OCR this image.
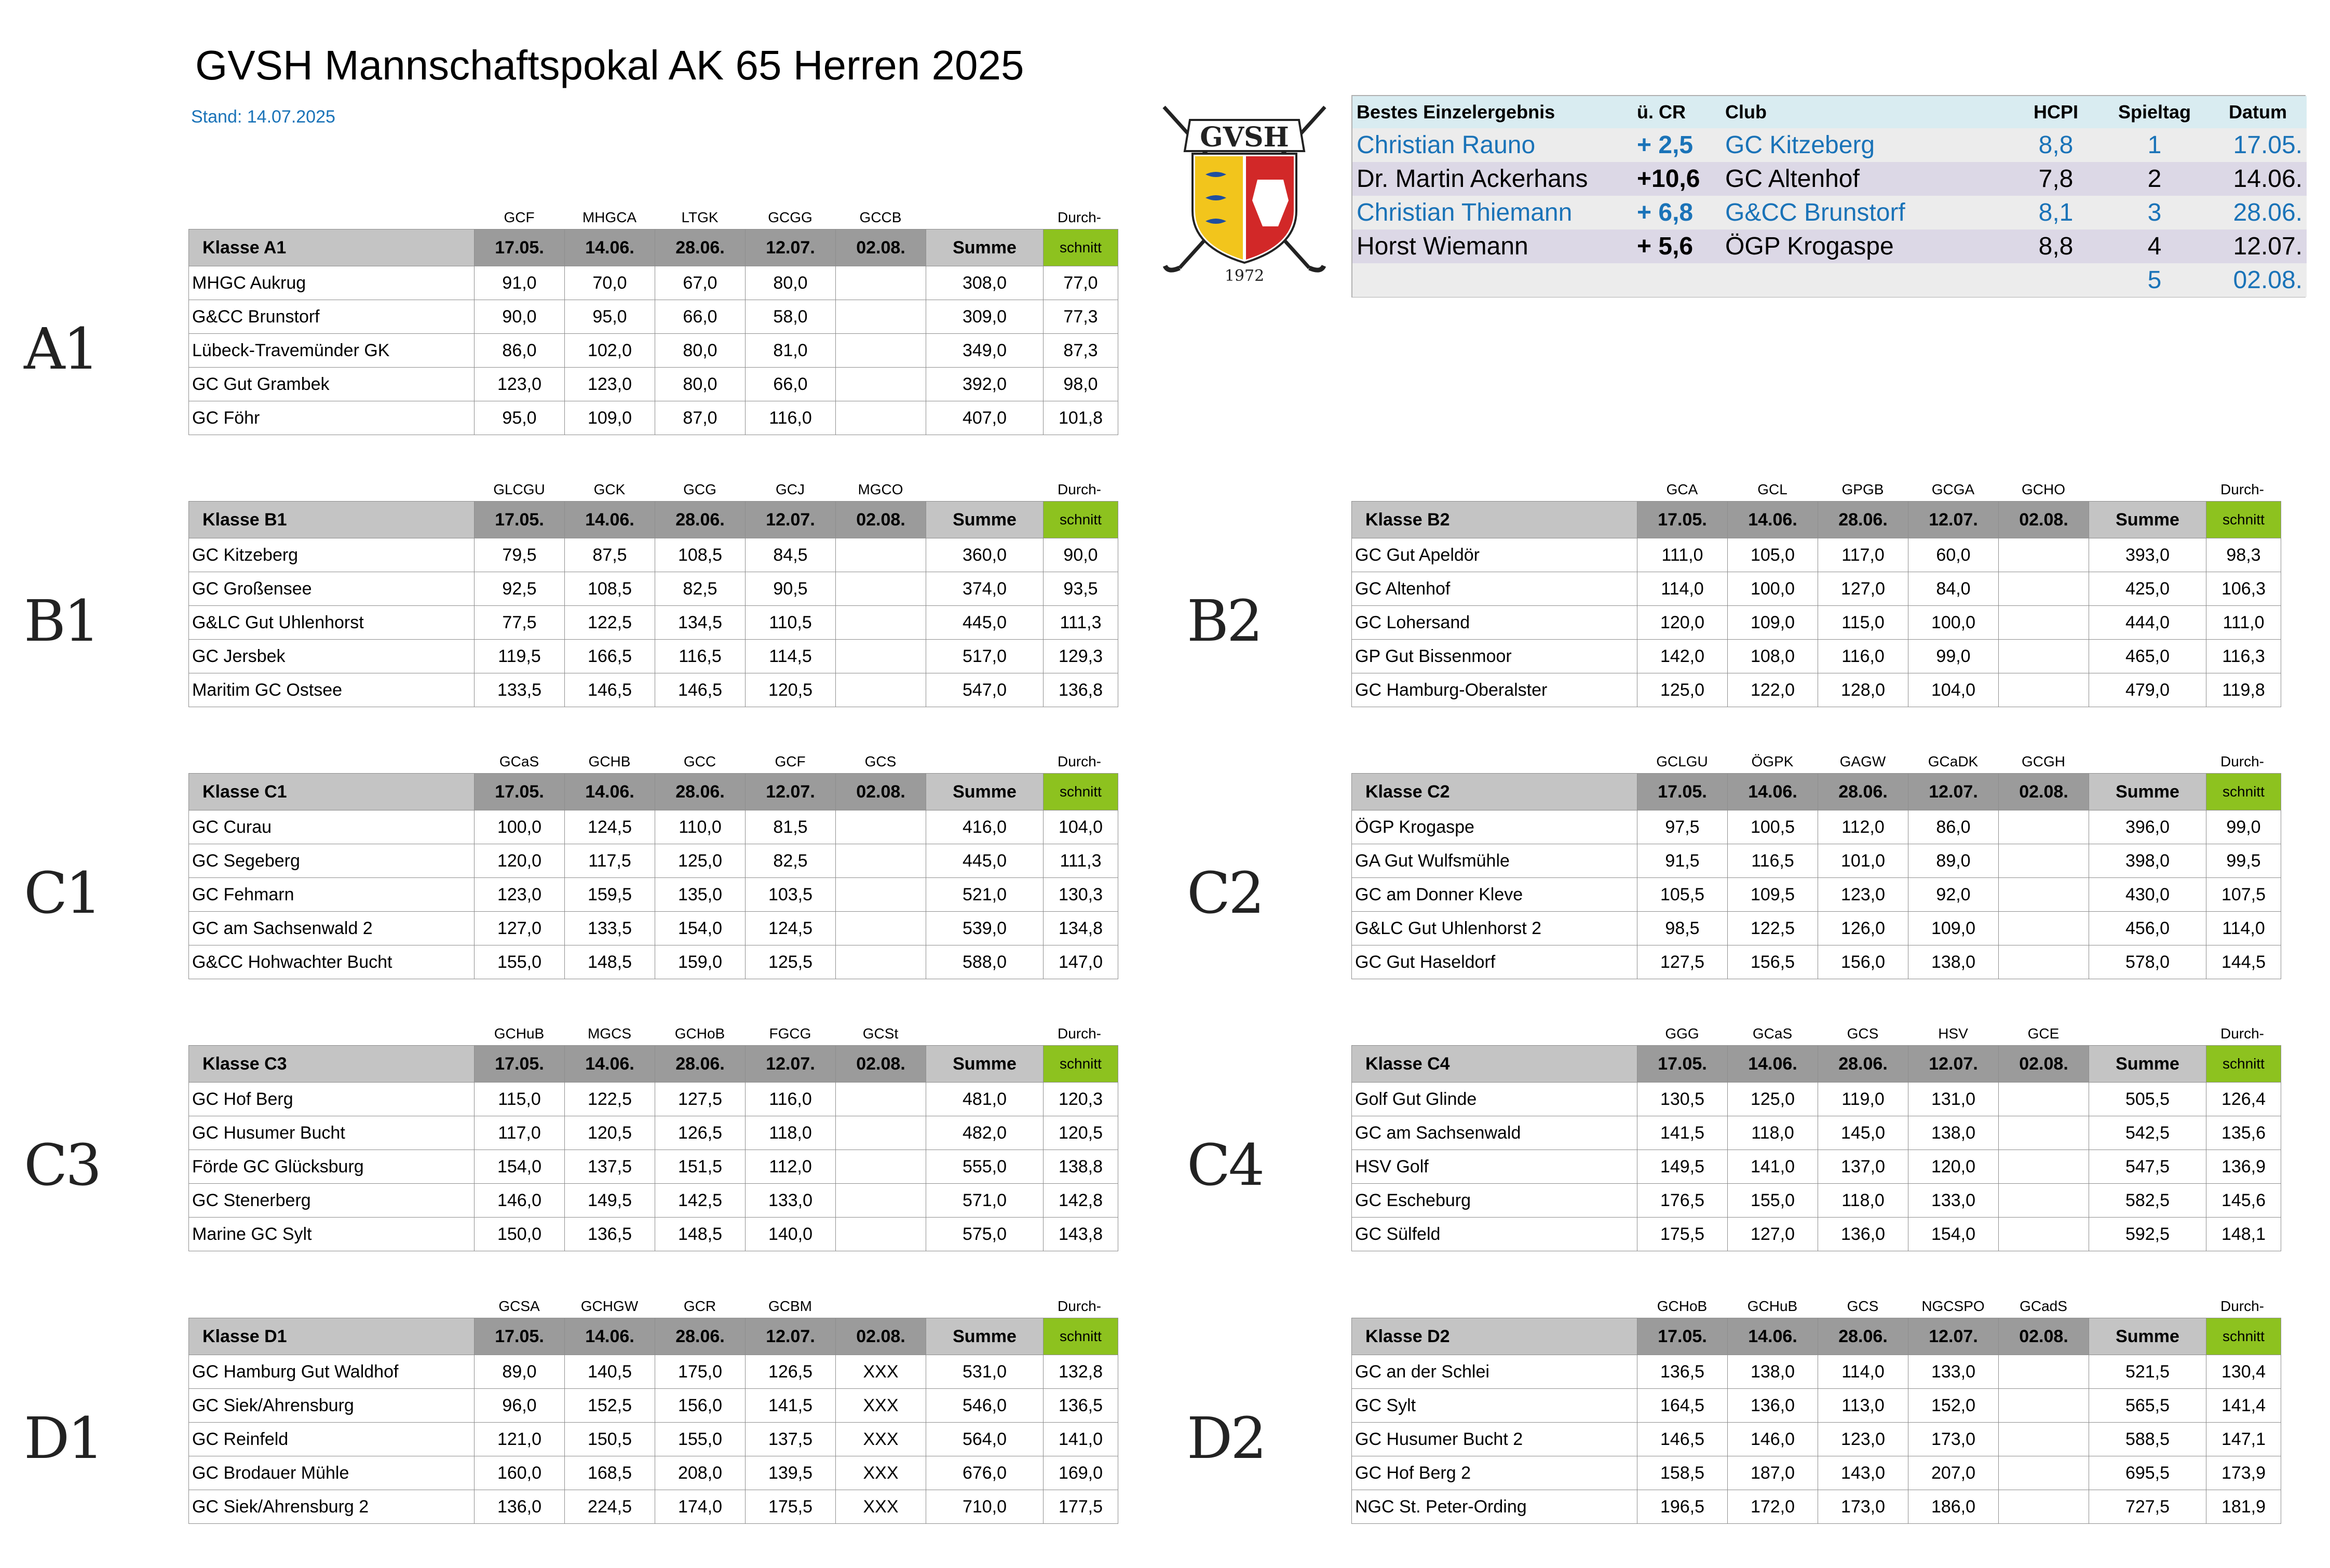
GVSH Mannschaftspokal AK 65 Herren 2025
Stand: 14.07.2025
GVSH
1972
Bestes Einzelergebnis	ü. CR	Club	HCPI	Spieltag	Datum
Christian Rauno	+ 2,5	GC Kitzeberg	8,8	1	17.05.
Dr. Martin Ackerhans	+10,6	GC Altenhof	7,8	2	14.06.
Christian Thiemann	+ 6,8	G&CC Brunstorf	8,1	3	28.06.
Horst Wiemann	+ 5,6	ÖGP Krogaspe	8,8	4	12.07.
				5	02.08.
A1
B1	B2
C1	C2
C3	C4
D1	D2
GCF	MHGCA	LTGK	GCGG	GCCB	Durch-
Klasse A1	17.05.	14.06.	28.06.	12.07.	02.08.	Summe	schnitt
MHGC Aukrug	91,0	70,0	67,0	80,0		308,0	77,0
G&CC Brunstorf	90,0	95,0	66,0	58,0		309,0	77,3
Lübeck-Travemünder GK	86,0	102,0	80,0	81,0		349,0	87,3
GC Gut Grambek	123,0	123,0	80,0	66,0		392,0	98,0
GC Föhr	95,0	109,0	87,0	116,0		407,0	101,8
GLCGU	GCK	GCG	GCJ	MGCO	Durch-
Klasse B1	17.05.	14.06.	28.06.	12.07.	02.08.	Summe	schnitt
GC Kitzeberg	79,5	87,5	108,5	84,5		360,0	90,0
GC Großensee	92,5	108,5	82,5	90,5		374,0	93,5
G&LC Gut Uhlenhorst	77,5	122,5	134,5	110,5		445,0	111,3
GC Jersbek	119,5	166,5	116,5	114,5		517,0	129,3
Maritim GC Ostsee	133,5	146,5	146,5	120,5		547,0	136,8
GCA	GCL	GPGB	GCGA	GCHO	Durch-
Klasse B2	17.05.	14.06.	28.06.	12.07.	02.08.	Summe	schnitt
GC Gut Apeldör	111,0	105,0	117,0	60,0		393,0	98,3
GC Altenhof	114,0	100,0	127,0	84,0		425,0	106,3
GC Lohersand	120,0	109,0	115,0	100,0		444,0	111,0
GP Gut Bissenmoor	142,0	108,0	116,0	99,0		465,0	116,3
GC Hamburg-Oberalster	125,0	122,0	128,0	104,0		479,0	119,8
GCaS	GCHB	GCC	GCF	GCS	Durch-
Klasse C1	17.05.	14.06.	28.06.	12.07.	02.08.	Summe	schnitt
GC Curau	100,0	124,5	110,0	81,5		416,0	104,0
GC Segeberg	120,0	117,5	125,0	82,5		445,0	111,3
GC Fehmarn	123,0	159,5	135,0	103,5		521,0	130,3
GC am Sachsenwald 2	127,0	133,5	154,0	124,5		539,0	134,8
G&CC Hohwachter Bucht	155,0	148,5	159,0	125,5		588,0	147,0
GCLGU	ÖGPK	GAGW	GCaDK	GCGH	Durch-
Klasse C2	17.05.	14.06.	28.06.	12.07.	02.08.	Summe	schnitt
ÖGP Krogaspe	97,5	100,5	112,0	86,0		396,0	99,0
GA Gut Wulfsmühle	91,5	116,5	101,0	89,0		398,0	99,5
GC am Donner Kleve	105,5	109,5	123,0	92,0		430,0	107,5
G&LC Gut Uhlenhorst 2	98,5	122,5	126,0	109,0		456,0	114,0
GC Gut Haseldorf	127,5	156,5	156,0	138,0		578,0	144,5
GCHuB	MGCS	GCHoB	FGCG	GCSt	Durch-
Klasse C3	17.05.	14.06.	28.06.	12.07.	02.08.	Summe	schnitt
GC Hof Berg	115,0	122,5	127,5	116,0		481,0	120,3
GC Husumer Bucht	117,0	120,5	126,5	118,0		482,0	120,5
Förde GC Glücksburg	154,0	137,5	151,5	112,0		555,0	138,8
GC Stenerberg	146,0	149,5	142,5	133,0		571,0	142,8
Marine GC Sylt	150,0	136,5	148,5	140,0		575,0	143,8
GGG	GCaS	GCS	HSV	GCE	Durch-
Klasse C4	17.05.	14.06.	28.06.	12.07.	02.08.	Summe	schnitt
Golf Gut Glinde	130,5	125,0	119,0	131,0		505,5	126,4
GC am Sachsenwald	141,5	118,0	145,0	138,0		542,5	135,6
HSV Golf	149,5	141,0	137,0	120,0		547,5	136,9
GC Escheburg	176,5	155,0	118,0	133,0		582,5	145,6
GC Sülfeld	175,5	127,0	136,0	154,0		592,5	148,1
GCSA	GCHGW	GCR	GCBM	Durch-
Klasse D1	17.05.	14.06.	28.06.	12.07.	02.08.	Summe	schnitt
GC Hamburg Gut Waldhof	89,0	140,5	175,0	126,5	XXX	531,0	132,8
GC Siek/Ahrensburg	96,0	152,5	156,0	141,5	XXX	546,0	136,5
GC Reinfeld	121,0	150,5	155,0	137,5	XXX	564,0	141,0
GC Brodauer Mühle	160,0	168,5	208,0	139,5	XXX	676,0	169,0
GC Siek/Ahrensburg 2	136,0	224,5	174,0	175,5	XXX	710,0	177,5
GCHoB	GCHuB	GCS	NGCSPO	GCadS	Durch-
Klasse D2	17.05.	14.06.	28.06.	12.07.	02.08.	Summe	schnitt
GC an der Schlei	136,5	138,0	114,0	133,0		521,5	130,4
GC Sylt	164,5	136,0	113,0	152,0		565,5	141,4
GC Husumer Bucht 2	146,5	146,0	123,0	173,0		588,5	147,1
GC Hof Berg 2	158,5	187,0	143,0	207,0		695,5	173,9
NGC St. Peter-Ording	196,5	172,0	173,0	186,0		727,5	181,9
